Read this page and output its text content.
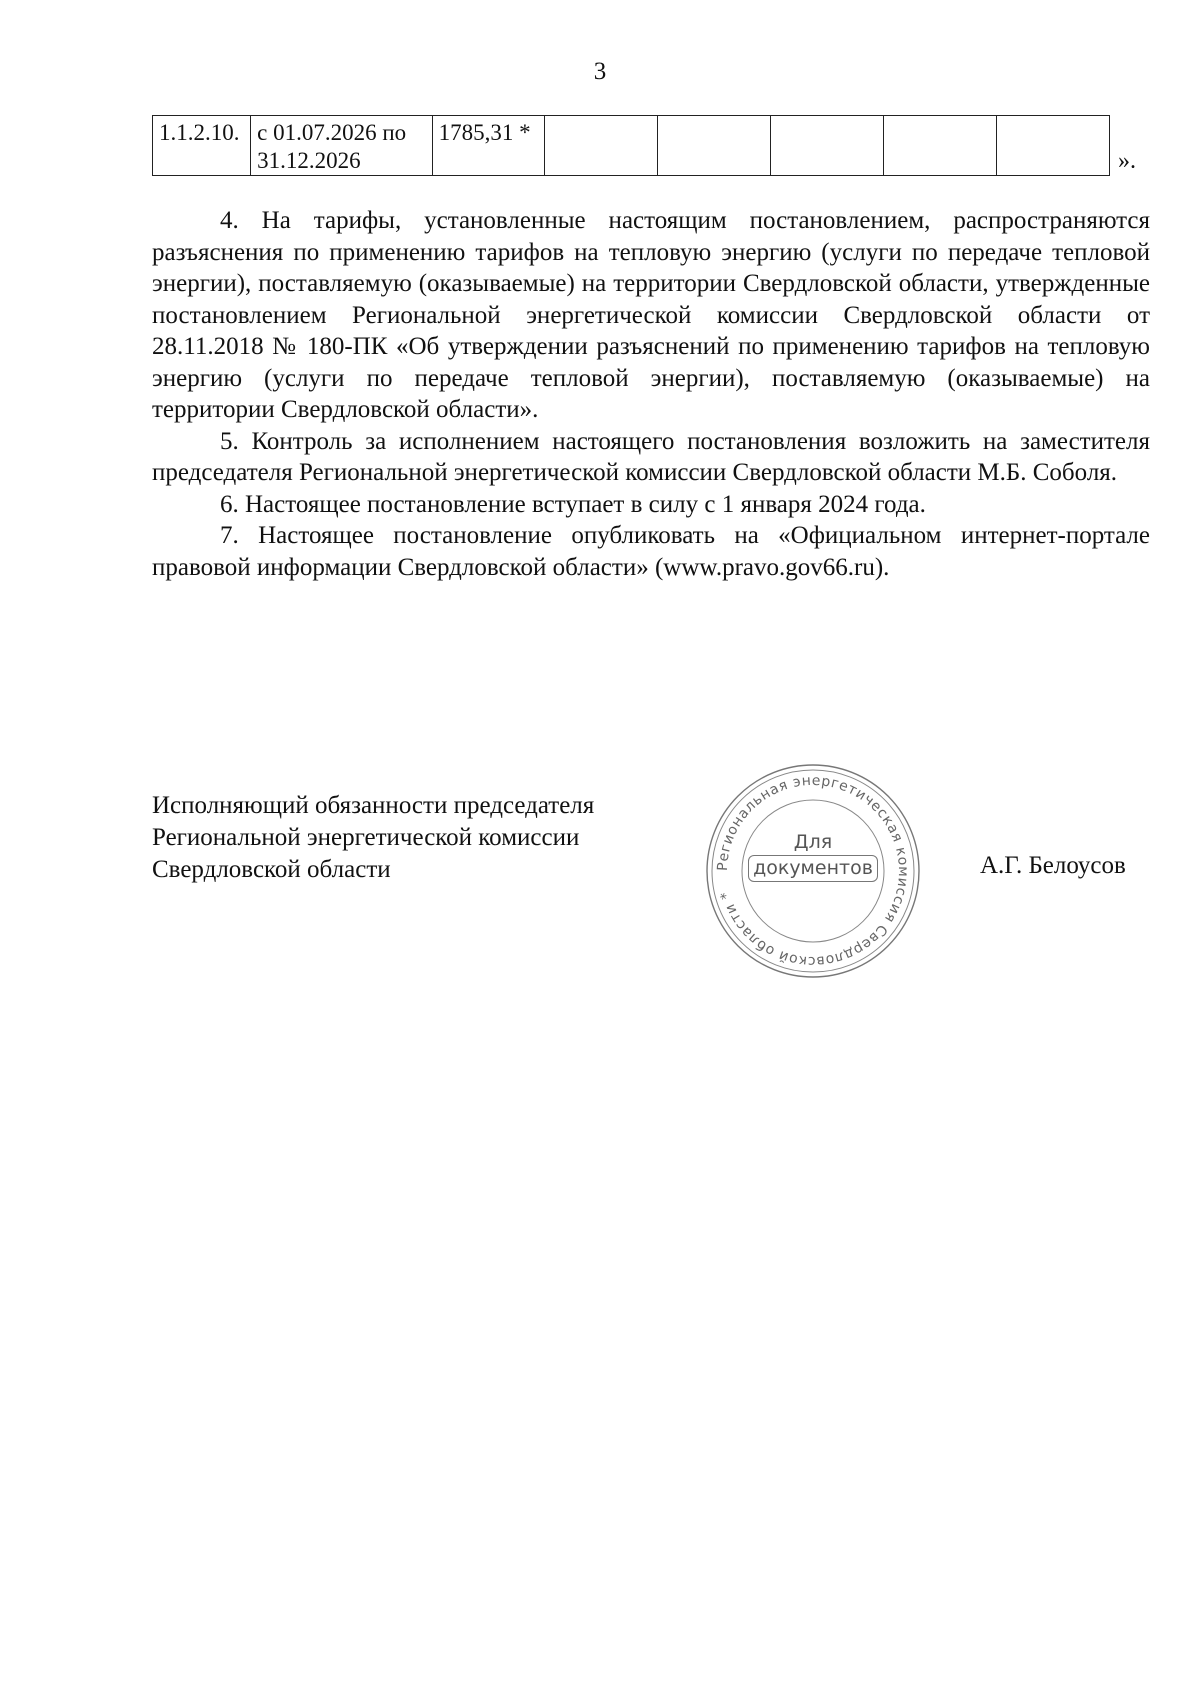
3
1.1.2.10.	с 01.07.2026 по 31.12.2026	1785,31 *					
».

4. На тарифы, установленные настоящим постановлением, распространяются разъяснения по применению тарифов на тепловую энергию (услуги по передаче тепловой энергии), поставляемую (оказываемые) на территории Свердловской области, утвержденные постановлением Региональной энергетической комиссии Свердловской области от 28.11.2018 № 180-ПК «Об утверждении разъяснений по применению тарифов на тепловую энергию (услуги по передаче тепловой энергии), поставляемую (оказываемые) на территории Свердловской области».

5. Контроль за исполнением настоящего постановления возложить на заместителя председателя Региональной энергетической комиссии Свердловской области М.Б. Соболя.

6. Настоящее постановление вступает в силу с 1 января 2024 года.

7. Настоящее постановление опубликовать на «Официальном интернет-портале правовой информации Свердловской области» (www.pravo.gov66.ru).

Исполняющий обязанности председателя
Региональной энергетической комиссии
Свердловской области	Региональная энергетическая комиссия Свердловской области *
Для
документов	А.Г. Белоусов
